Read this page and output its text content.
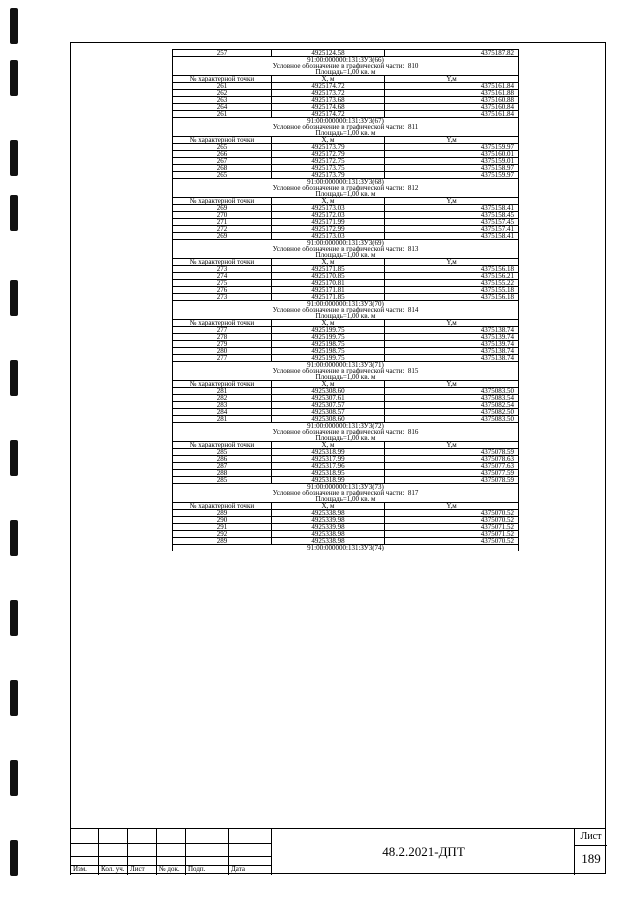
257	4925124.58	4375187.82
91:00:000000:131:ЗУ3(66)		
Условное обозначение в графической части: 810		
Площадь=1,00 кв. м		
№ характерной точки	X, м	Y,м
261	4925174.72	4375161.84
262	4925173.72	4375161.88
263	4925173.68	4375160.88
264	4925174.68	4375160.84
261	4925174.72	4375161.84
91:00:000000:131:ЗУ3(67)		
Условное обозначение в графической части: 811		
Площадь=1,00 кв. м		
№ характерной точки	X, м	Y,м
265	4925173.79	4375159.97
266	4925172.79	4375160.01
267	4925172.75	4375159.01
268	4925173.75	4375158.97
265	4925173.79	4375159.97
91:00:000000:131:ЗУ3(68)		
Условное обозначение в графической части: 812		
Площадь=1,00 кв. м		
№ характерной точки	X, м	Y,м
269	4925173.03	4375158.41
270	4925172.03	4375158.45
271	4925171.99	4375157.45
272	4925172.99	4375157.41
269	4925173.03	4375158.41
91:00:000000:131:ЗУ3(69)		
Условное обозначение в графической части: 813		
Площадь=1,00 кв. м		
№ характерной точки	X, м	Y,м
273	4925171.85	4375156.18
274	4925170.85	4375156.21
275	4925170.81	4375155.22
276	4925171.81	4375155.18
273	4925171.85	4375156.18
91:00:000000:131:ЗУ3(70)		
Условное обозначение в графической части: 814		
Площадь=1,00 кв. м		
№ характерной точки	X, м	Y,м
277	4925199.75	4375138.74
278	4925199.75	4375139.74
279	4925198.75	4375139.74
280	4925198.75	4375138.74
277	4925199.75	4375138.74
91:00:000000:131:ЗУ3(71)		
Условное обозначение в графической части: 815		
Площадь=1,00 кв. м		
№ характерной точки	X, м	Y,м
281	4925308.60	4375083.50
282	4925307.61	4375083.54
283	4925307.57	4375082.54
284	4925308.57	4375082.50
281	4925308.60	4375083.50
91:00:000000:131:ЗУ3(72)		
Условное обозначение в графической части: 816		
Площадь=1,00 кв. м		
№ характерной точки	X, м	Y,м
285	4925318.99	4375078.59
286	4925317.99	4375078.63
287	4925317.96	4375077.63
288	4925318.95	4375077.59
285	4925318.99	4375078.59
91:00:000000:131:ЗУ3(73)		
Условное обозначение в графической части: 817		
Площадь=1,00 кв. м		
№ характерной точки	X, м	Y,м
289	4925338.98	4375070.52
290	4925339.98	4375070.52
291	4925339.98	4375071.52
292	4925338.98	4375071.52
289	4925338.98	4375070.52
91:00:000000:131:ЗУ3(74)		
Изм. Кол. уч. Лист № док. Подп.	Дата
48.2.2021-ДПТ
Лист
189
